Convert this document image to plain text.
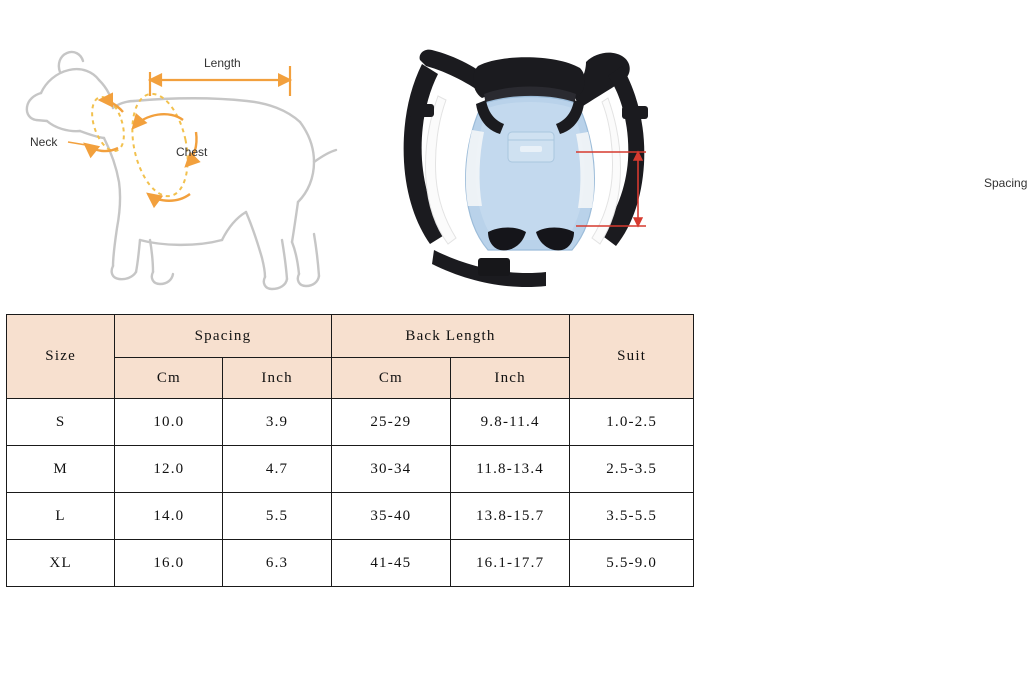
Length
Neck
Chest
Spacing
Size	Spacing		Back Length		Suit
	Cm	Inch	Cm	Inch	
S	10.0	3.9	25-29	9.8-11.4	1.0-2.5
M	12.0	4.7	30-34	11.8-13.4	2.5-3.5
L	14.0	5.5	35-40	13.8-15.7	3.5-5.5
XL	16.0	6.3	41-45	16.1-17.7	5.5-9.0
